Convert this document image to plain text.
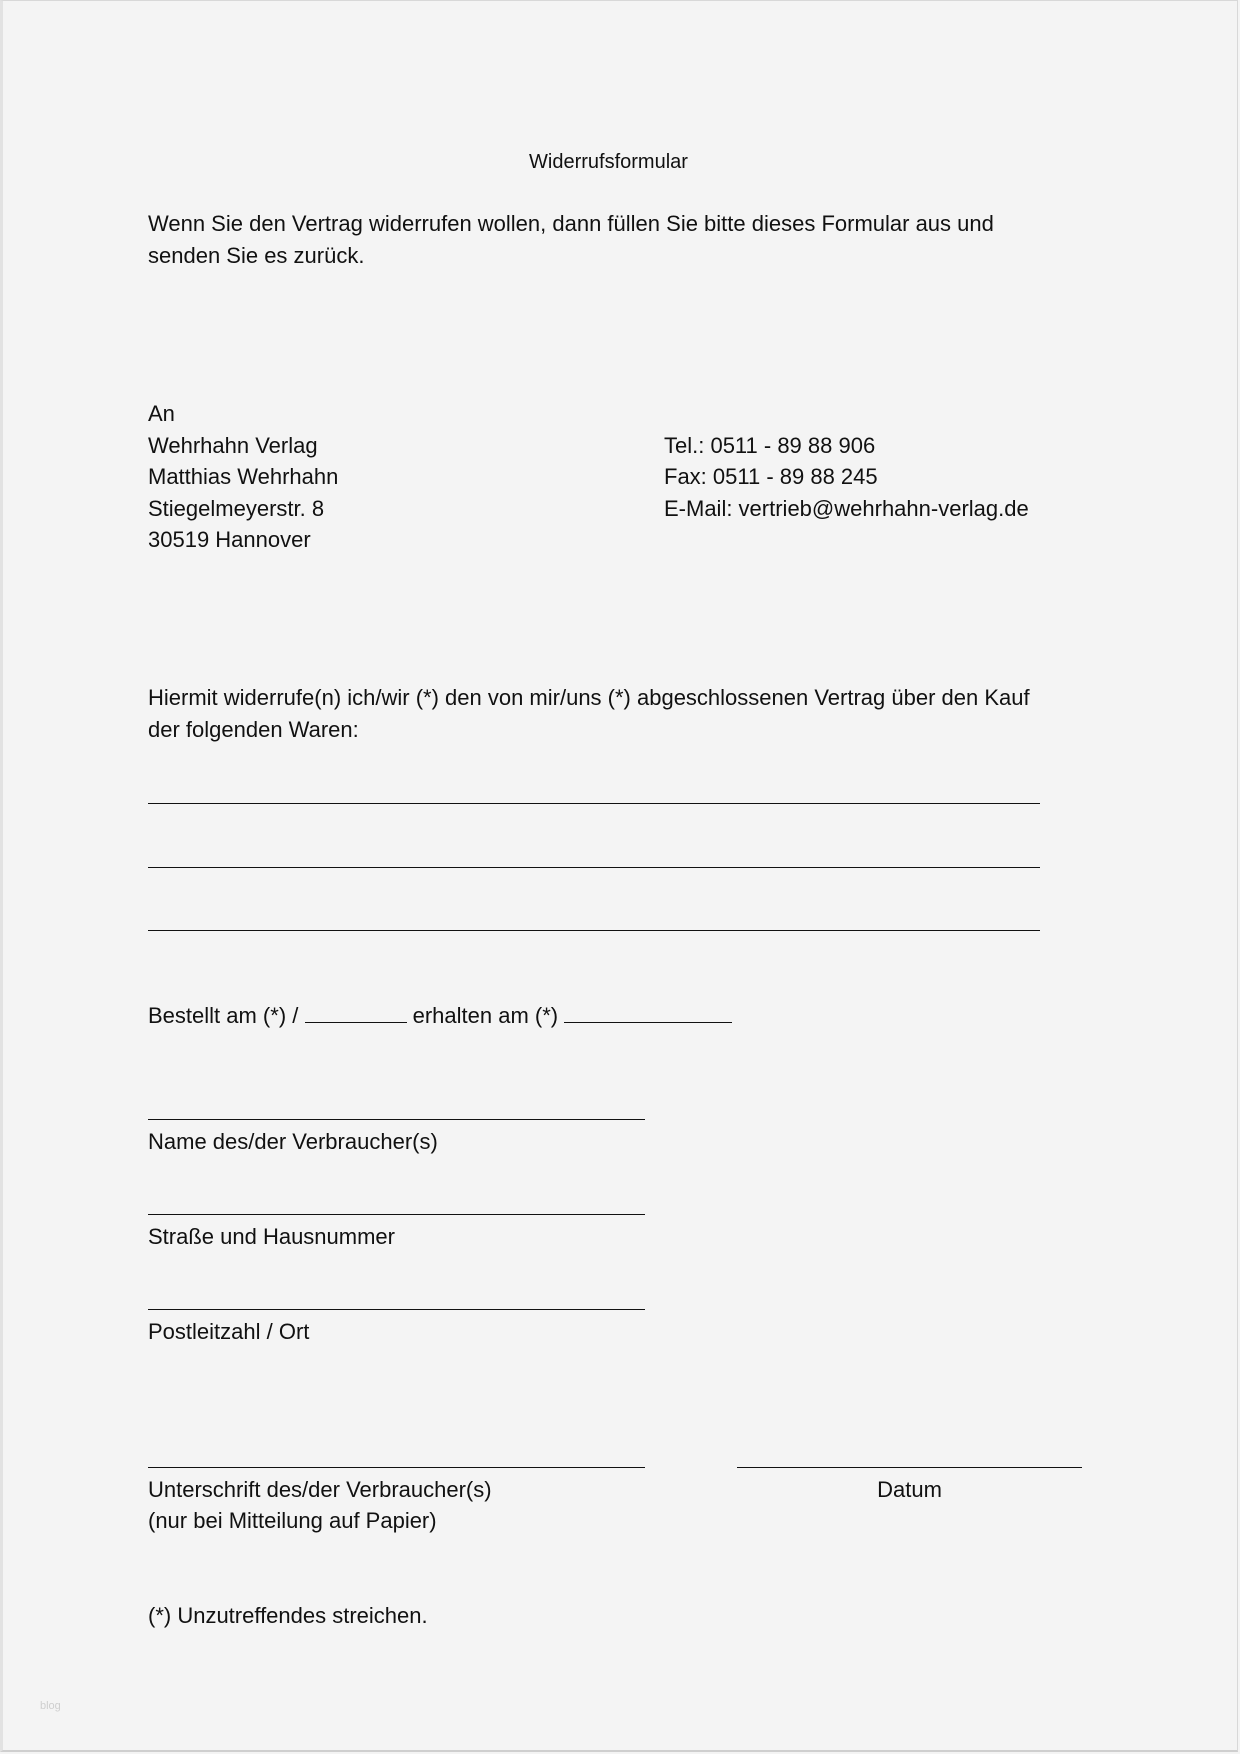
Widerrufsformular
Wenn Sie den Vertrag widerrufen wollen, dann füllen Sie bitte dieses Formular aus und
senden Sie es zurück.
An
Wehrhahn Verlag
Matthias Wehrhahn
Stiegelmeyerstr. 8
30519 Hannover
Tel.: 0511 - 89 88 906
Fax: 0511 - 89 88 245
E-Mail: vertrieb@wehrhahn-verlag.de
Hiermit widerrufe(n) ich/wir (*) den von mir/uns (*) abgeschlossenen Vertrag über den Kauf
der folgenden Waren:
Bestellt am (*) /	erhalten am (*)
Name des/der Verbraucher(s)
Straße und Hausnummer
Postleitzahl / Ort
Unterschrift des/der Verbraucher(s)
(nur bei Mitteilung auf Papier)
Datum
(*) Unzutreffendes streichen.
blog
